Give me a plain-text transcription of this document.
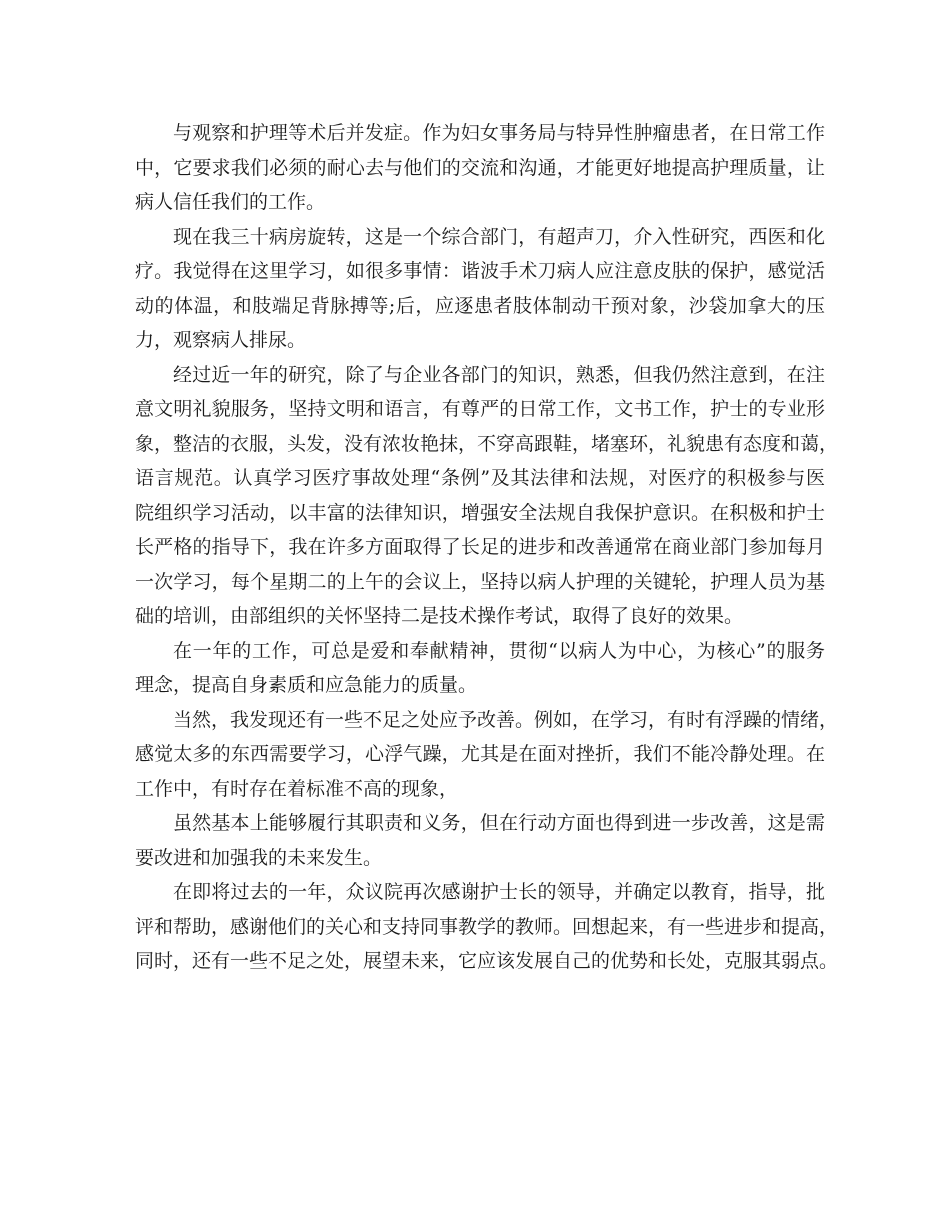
与观察和护理等术后并发症。作为妇女事务局与特异性肿瘤患者，在日常工作
中，它要求我们必须的耐心去与他们的交流和沟通，才能更好地提高护理质量，让
病人信任我们的工作。
现在我三十病房旋转，这是一个综合部门，有超声刀，介入性研究，西医和化
疗。我觉得在这里学习，如很多事情：谐波手术刀病人应注意皮肤的保护，感觉活
动的体温，和肢端足背脉搏等;后，应逐患者肢体制动干预对象，沙袋加拿大的压
力，观察病人排尿。
经过近一年的研究，除了与企业各部门的知识，熟悉，但我仍然注意到，在注
意文明礼貌服务，坚持文明和语言，有尊严的日常工作，文书工作，护士的专业形
象，整洁的衣服，头发，没有浓妆艳抹，不穿高跟鞋，堵塞环，礼貌患有态度和蔼，
语言规范。认真学习医疗事故处理“条例”及其法律和法规，对医疗的积极参与医
院组织学习活动，以丰富的法律知识，增强安全法规自我保护意识。在积极和护士
长严格的指导下，我在许多方面取得了长足的进步和改善通常在商业部门参加每月
一次学习，每个星期二的上午的会议上，坚持以病人护理的关键轮，护理人员为基
础的培训，由部组织的关怀坚持二是技术操作考试，取得了良好的效果。
在一年的工作，可总是爱和奉献精神，贯彻“以病人为中心，为核心”的服务
理念，提高自身素质和应急能力的质量。
当然，我发现还有一些不足之处应予改善。例如，在学习，有时有浮躁的情绪，
感觉太多的东西需要学习，心浮气躁，尤其是在面对挫折，我们不能冷静处理。在
工作中，有时存在着标准不高的现象，
虽然基本上能够履行其职责和义务，但在行动方面也得到进一步改善，这是需
要改进和加强我的未来发生。
在即将过去的一年，众议院再次感谢护士长的领导，并确定以教育，指导，批
评和帮助，感谢他们的关心和支持同事教学的教师。回想起来，有一些进步和提高，
同时，还有一些不足之处，展望未来，它应该发展自己的优势和长处，克服其弱点。
